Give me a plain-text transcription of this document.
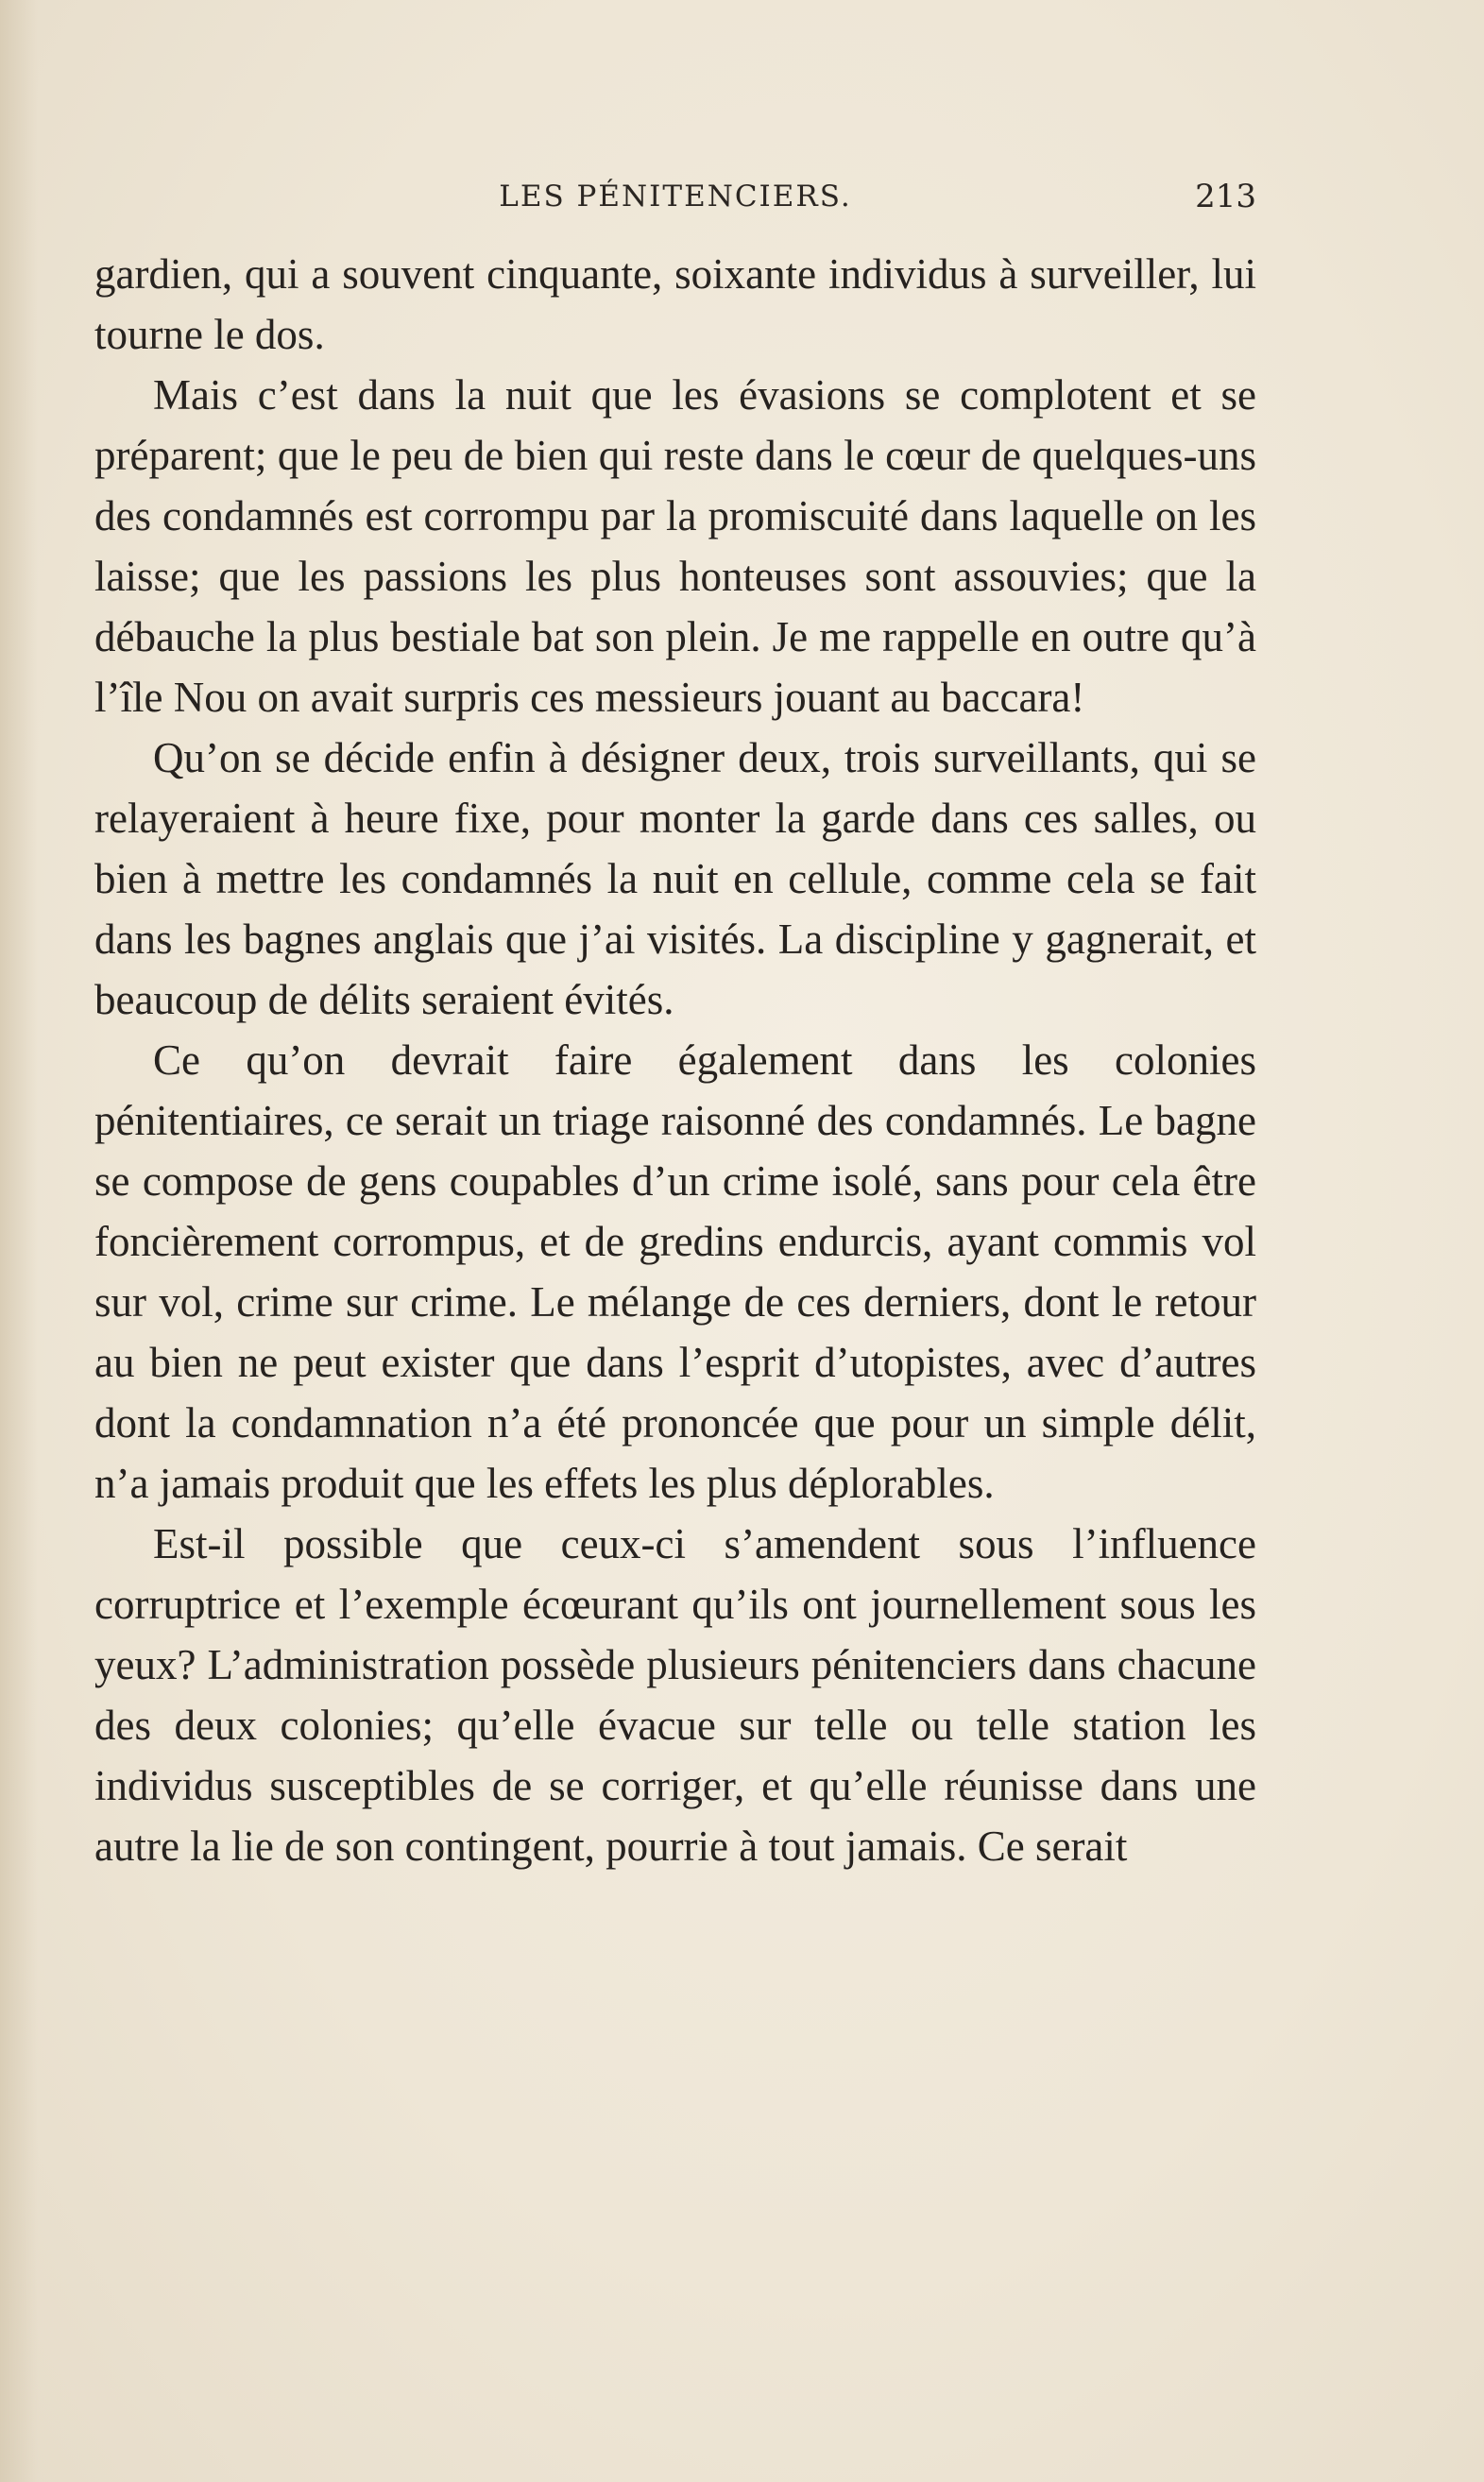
LES PÉNITENCIERS.	213

gardien, qui a souvent cinquante, soixante individus à surveiller, lui tourne le dos.

Mais c’est dans la nuit que les évasions se complotent et se préparent; que le peu de bien qui reste dans le cœur de quelques-uns des condamnés est corrompu par la promiscuité dans laquelle on les laisse; que les passions les plus honteuses sont assouvies; que la débauche la plus bestiale bat son plein. Je me rappelle en outre qu’à l’île Nou on avait surpris ces messieurs jouant au baccara!

Qu’on se décide enfin à désigner deux, trois surveillants, qui se relayeraient à heure fixe, pour monter la garde dans ces salles, ou bien à mettre les condamnés la nuit en cellule, comme cela se fait dans les bagnes anglais que j’ai visités. La discipline y gagnerait, et beaucoup de délits seraient évités.

Ce qu’on devrait faire également dans les colonies pénitentiaires, ce serait un triage raisonné des condamnés. Le bagne se compose de gens coupables d’un crime isolé, sans pour cela être foncièrement corrompus, et de gredins endurcis, ayant commis vol sur vol, crime sur crime. Le mélange de ces derniers, dont le retour au bien ne peut exister que dans l’esprit d’utopistes, avec d’autres dont la condamnation n’a été prononcée que pour un simple délit, n’a jamais produit que les effets les plus déplorables.

Est-il possible que ceux-ci s’amendent sous l’influence corruptrice et l’exemple écœurant qu’ils ont journellement sous les yeux? L’administration possède plusieurs pénitenciers dans chacune des deux colonies; qu’elle évacue sur telle ou telle station les individus susceptibles de se corriger, et qu’elle réunisse dans une autre la lie de son contingent, pourrie à tout jamais. Ce serait
